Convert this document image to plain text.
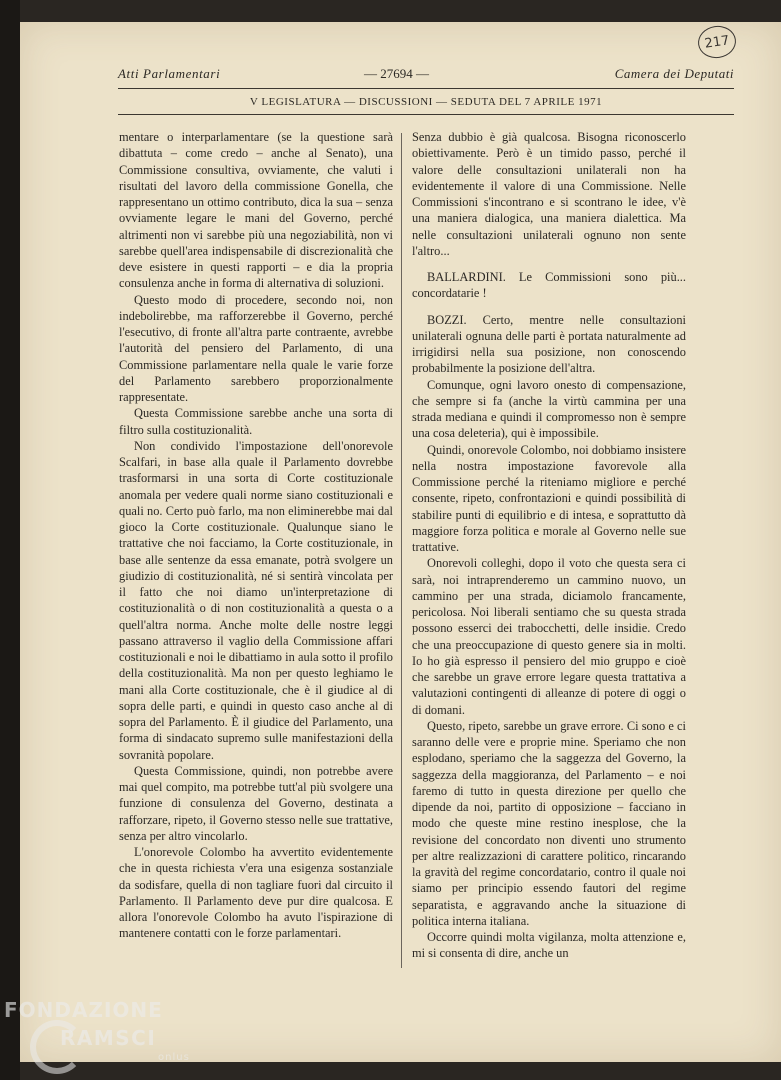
217
Atti Parlamentari	— 27694 —	Camera dei Deputati
V LEGISLATURA — DISCUSSIONI — SEDUTA DEL 7 APRILE 1971

mentare o interparlamentare (se la questione sarà dibattuta – come credo – anche al Senato), una Commissione consultiva, ovviamente, che valuti i risultati del lavoro della commissione Gonella, che rappresentano un ottimo contributo, dica la sua – senza ovviamente legare le mani del Governo, perché altrimenti non vi sarebbe più una negoziabilità, non vi sarebbe quell'area indispensabile di discrezionalità che deve esistere in questi rapporti – e dia la propria consulenza anche in forma di alternativa di soluzioni.

Questo modo di procedere, secondo noi, non indebolirebbe, ma rafforzerebbe il Governo, perché l'esecutivo, di fronte all'altra parte contraente, avrebbe l'autorità del pensiero del Parlamento, di una Commissione parlamentare nella quale le varie forze del Parlamento sarebbero proporzionalmente rappresentate.

Questa Commissione sarebbe anche una sorta di filtro sulla costituzionalità.

Non condivido l'impostazione dell'onorevole Scalfari, in base alla quale il Parlamento dovrebbe trasformarsi in una sorta di Corte costituzionale anomala per vedere quali norme siano costituzionali e quali no. Certo può farlo, ma non eliminerebbe mai dal gioco la Corte costituzionale. Qualunque siano le trattative che noi facciamo, la Corte costituzionale, in base alle sentenze da essa emanate, potrà svolgere un giudizio di costituzionalità, né si sentirà vincolata per il fatto che noi diamo un'interpretazione di costituzionalità o di non costituzionalità a questa o a quell'altra norma. Anche molte delle nostre leggi passano attraverso il vaglio della Commissione affari costituzionali e noi le dibattiamo in aula sotto il profilo della costituzionalità. Ma non per questo leghiamo le mani alla Corte costituzionale, che è il giudice al di sopra delle parti, e quindi in questo caso anche al di sopra del Parlamento. È il giudice del Parlamento, una forma di sindacato supremo sulle manifestazioni della sovranità popolare.

Questa Commissione, quindi, non potrebbe avere mai quel compito, ma potrebbe tutt'al più svolgere una funzione di consulenza del Governo, destinata a rafforzare, ripeto, il Governo stesso nelle sue trattative, senza per altro vincolarlo.

L'onorevole Colombo ha avvertito evidentemente che in questa richiesta v'era una esigenza sostanziale da sodisfare, quella di non tagliare fuori dal circuito il Parlamento. Il Parlamento deve pur dire qualcosa. E allora l'onorevole Colombo ha avuto l'ispirazione di mantenere contatti con le forze parlamentari.

Senza dubbio è già qualcosa. Bisogna riconoscerlo obiettivamente. Però è un timido passo, perché il valore delle consultazioni unilaterali non ha evidentemente il valore di una Commissione. Nelle Commissioni s'incontrano e si scontrano le idee, v'è una maniera dialogica, una maniera dialettica. Ma nelle consultazioni unilaterali ognuno non sente l'altro...

BALLARDINI. Le Commissioni sono più... concordatarie !

BOZZI. Certo, mentre nelle consultazioni unilaterali ognuna delle parti è portata naturalmente ad irrigidirsi nella sua posizione, non conoscendo probabilmente la posizione dell'altra.

Comunque, ogni lavoro onesto di compensazione, che sempre si fa (anche la virtù cammina per una strada mediana e quindi il compromesso non è sempre una cosa deleteria), qui è impossibile.

Quindi, onorevole Colombo, noi dobbiamo insistere nella nostra impostazione favorevole alla Commissione perché la riteniamo migliore e perché consente, ripeto, confrontazioni e quindi possibilità di stabilire punti di equilibrio e di intesa, e soprattutto dà maggiore forza politica e morale al Governo nelle sue trattative.

Onorevoli colleghi, dopo il voto che questa sera ci sarà, noi intraprenderemo un cammino nuovo, un cammino per una strada, diciamolo francamente, pericolosa. Noi liberali sentiamo che su questa strada possono esserci dei trabocchetti, delle insidie. Credo che una preoccupazione di questo genere sia in molti. Io ho già espresso il pensiero del mio gruppo e cioè che sarebbe un grave errore legare questa trattativa a valutazioni contingenti di alleanze di potere di oggi o di domani.

Questo, ripeto, sarebbe un grave errore. Ci sono e ci saranno delle vere e proprie mine. Speriamo che non esplodano, speriamo che la saggezza del Governo, la saggezza della maggioranza, del Parlamento – e noi faremo di tutto in questa direzione per quello che dipende da noi, partito di opposizione – facciano in modo che queste mine restino inesplose, che la revisione del concordato non diventi uno strumento per altre realizzazioni di carattere politico, rincarando la gravità del regime concordatario, contro il quale noi siamo per principio essendo fautori del regime separatista, e aggravando anche la situazione di politica interna italiana.

Occorre quindi molta vigilanza, molta attenzione e, mi si consenta di dire, anche un

FONDAZIONE
RAMSCI
onlus
